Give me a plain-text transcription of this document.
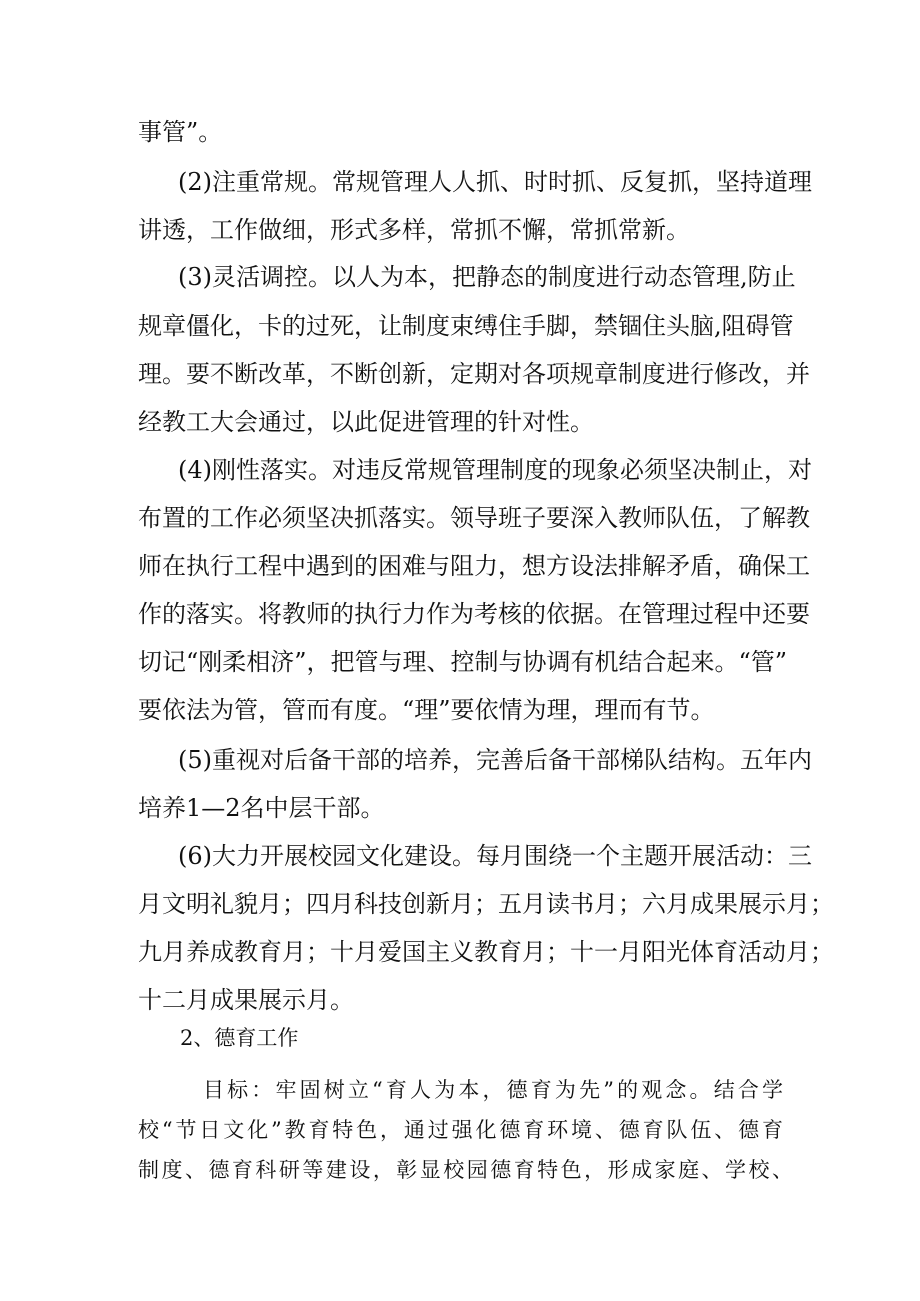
事管”。
(2)注重常规。常规管理人人抓、时时抓、反复抓，坚持道理
讲透，工作做细，形式多样，常抓不懈，常抓常新。
(3)灵活调控。以人为本，把静态的制度进行动态管理,防止
规章僵化，卡的过死，让制度束缚住手脚，禁锢住头脑,阻碍管
理。要不断改革，不断创新，定期对各项规章制度进行修改，并
经教工大会通过，以此促进管理的针对性。
(4)刚性落实。对违反常规管理制度的现象必须坚决制止，对
布置的工作必须坚决抓落实。领导班子要深入教师队伍，了解教
师在执行工程中遇到的困难与阻力，想方设法排解矛盾，确保工
作的落实。将教师的执行力作为考核的依据。在管理过程中还要
切记“刚柔相济”，把管与理、控制与协调有机结合起来。“管”
要依法为管，管而有度。“理”要依情为理，理而有节。
(5)重视对后备干部的培养，完善后备干部梯队结构。五年内
培养1—2名中层干部。
(6)大力开展校园文化建设。每月围绕一个主题开展活动：三
月文明礼貌月；四月科技创新月；五月读书月；六月成果展示月；
九月养成教育月；十月爱国主义教育月；十一月阳光体育活动月；
十二月成果展示月。
2、德育工作
目标：牢固树立“育人为本，德育为先”的观念。结合学
校“节日文化”教育特色，通过强化德育环境、德育队伍、德育
制度、德育科研等建设，彰显校园德育特色，形成家庭、学校、
